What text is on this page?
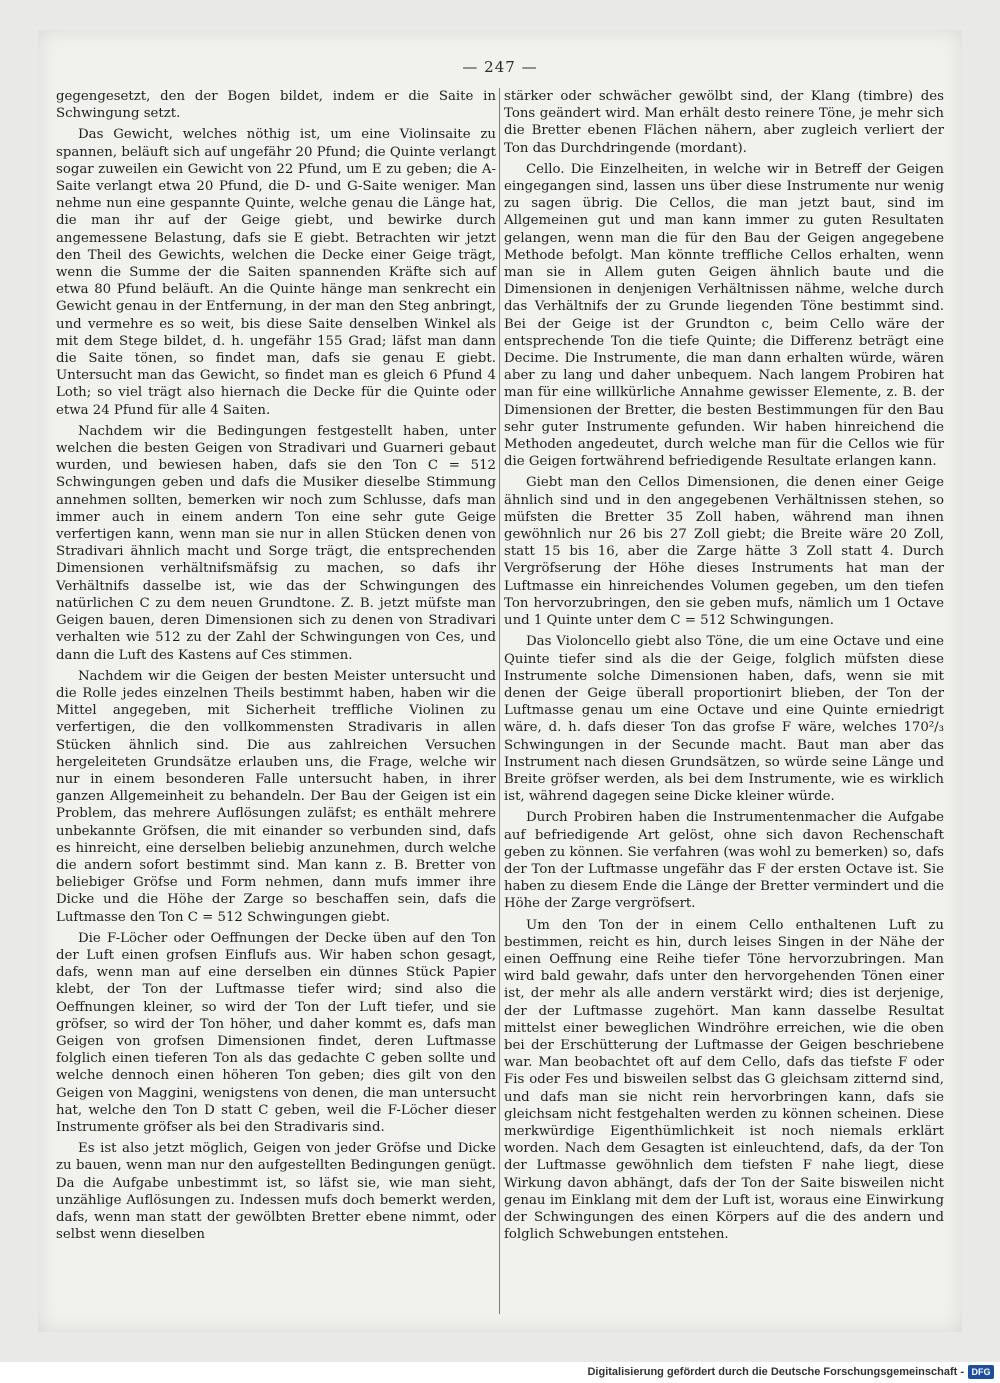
— 247 —

gegengesetzt, den der Bogen bildet, indem er die Saite in Schwingung setzt.

Das Gewicht, welches nöthig ist, um eine Violinsaite zu spannen, beläuft sich auf ungefähr 20 Pfund; die Quinte verlangt sogar zuweilen ein Gewicht von 22 Pfund, um E zu geben; die A-Saite verlangt etwa 20 Pfund, die D- und G-Saite weniger. Man nehme nun eine gespannte Quinte, welche genau die Länge hat, die man ihr auf der Geige giebt, und bewirke durch angemessene Belastung, dafs sie E giebt. Betrachten wir jetzt den Theil des Gewichts, welchen die Decke einer Geige trägt, wenn die Summe der die Saiten spannenden Kräfte sich auf etwa 80 Pfund beläuft. An die Quinte hänge man senkrecht ein Gewicht genau in der Entfernung, in der man den Steg anbringt, und vermehre es so weit, bis diese Saite denselben Winkel als mit dem Stege bildet, d. h. ungefähr 155 Grad; läfst man dann die Saite tönen, so findet man, dafs sie genau E giebt. Untersucht man das Gewicht, so findet man es gleich 6 Pfund 4 Loth; so viel trägt also hiernach die Decke für die Quinte oder etwa 24 Pfund für alle 4 Saiten.

Nachdem wir die Bedingungen festgestellt haben, unter welchen die besten Geigen von Stradivari und Guarneri gebaut wurden, und bewiesen haben, dafs sie den Ton C = 512 Schwingungen geben und dafs die Musiker dieselbe Stimmung annehmen sollten, bemerken wir noch zum Schlusse, dafs man immer auch in einem andern Ton eine sehr gute Geige verfertigen kann, wenn man sie nur in allen Stücken denen von Stradivari ähnlich macht und Sorge trägt, die entsprechenden Dimensionen verhältnifsmäfsig zu machen, so dafs ihr Verhältnifs dasselbe ist, wie das der Schwingungen des natürlichen C zu dem neuen Grundtone. Z. B. jetzt müfste man Geigen bauen, deren Dimensionen sich zu denen von Stradivari verhalten wie 512 zu der Zahl der Schwingungen von Ces, und dann die Luft des Kastens auf Ces stimmen.

Nachdem wir die Geigen der besten Meister untersucht und die Rolle jedes einzelnen Theils bestimmt haben, haben wir die Mittel angegeben, mit Sicherheit treffliche Violinen zu verfertigen, die den vollkommensten Stradivaris in allen Stücken ähnlich sind. Die aus zahlreichen Versuchen hergeleiteten Grundsätze erlauben uns, die Frage, welche wir nur in einem besonderen Falle untersucht haben, in ihrer ganzen Allgemeinheit zu behandeln. Der Bau der Geigen ist ein Problem, das mehrere Auflösungen zuläfst; es enthält mehrere unbekannte Gröfsen, die mit einander so verbunden sind, dafs es hinreicht, eine derselben beliebig anzunehmen, durch welche die andern sofort bestimmt sind. Man kann z. B. Bretter von beliebiger Gröfse und Form nehmen, dann mufs immer ihre Dicke und die Höhe der Zarge so beschaffen sein, dafs die Luftmasse den Ton C = 512 Schwingungen giebt.

Die F-Löcher oder Oeffnungen der Decke üben auf den Ton der Luft einen grofsen Einflufs aus. Wir haben schon gesagt, dafs, wenn man auf eine derselben ein dünnes Stück Papier klebt, der Ton der Luftmasse tiefer wird; sind also die Oeffnungen kleiner, so wird der Ton der Luft tiefer, und sie gröfser, so wird der Ton höher, und daher kommt es, dafs man Geigen von grofsen Dimensionen findet, deren Luftmasse folglich einen tieferen Ton als das gedachte C geben sollte und welche dennoch einen höheren Ton geben; dies gilt von den Geigen von Maggini, wenigstens von denen, die man untersucht hat, welche den Ton D statt C geben, weil die F-Löcher dieser Instrumente gröfser als bei den Stradivaris sind.

Es ist also jetzt möglich, Geigen von jeder Gröfse und Dicke zu bauen, wenn man nur den aufgestellten Bedingungen genügt. Da die Aufgabe unbestimmt ist, so läfst sie, wie man sieht, unzählige Auflösungen zu. Indessen mufs doch bemerkt werden, dafs, wenn man statt der gewölbten Bretter ebene nimmt, oder selbst wenn dieselben

stärker oder schwächer gewölbt sind, der Klang (timbre) des Tons geändert wird. Man erhält desto reinere Töne, je mehr sich die Bretter ebenen Flächen nähern, aber zugleich verliert der Ton das Durchdringende (mordant).

Cello. Die Einzelheiten, in welche wir in Betreff der Geigen eingegangen sind, lassen uns über diese Instrumente nur wenig zu sagen übrig. Die Cellos, die man jetzt baut, sind im Allgemeinen gut und man kann immer zu guten Resultaten gelangen, wenn man die für den Bau der Geigen angegebene Methode befolgt. Man könnte treffliche Cellos erhalten, wenn man sie in Allem guten Geigen ähnlich baute und die Dimensionen in denjenigen Verhältnissen nähme, welche durch das Verhältnifs der zu Grunde liegenden Töne bestimmt sind. Bei der Geige ist der Grundton c, beim Cello wäre der entsprechende Ton die tiefe Quinte; die Differenz beträgt eine Decime. Die Instrumente, die man dann erhalten würde, wären aber zu lang und daher unbequem. Nach langem Probiren hat man für eine willkürliche Annahme gewisser Elemente, z. B. der Dimensionen der Bretter, die besten Bestimmungen für den Bau sehr guter Instrumente gefunden. Wir haben hinreichend die Methoden angedeutet, durch welche man für die Cellos wie für die Geigen fortwährend befriedigende Resultate erlangen kann.

Giebt man den Cellos Dimensionen, die denen einer Geige ähnlich sind und in den angegebenen Verhältnissen stehen, so müfsten die Bretter 35 Zoll haben, während man ihnen gewöhnlich nur 26 bis 27 Zoll giebt; die Breite wäre 20 Zoll, statt 15 bis 16, aber die Zarge hätte 3 Zoll statt 4. Durch Vergröfserung der Höhe dieses Instruments hat man der Luftmasse ein hinreichendes Volumen gegeben, um den tiefen Ton hervorzubringen, den sie geben mufs, nämlich um 1 Octave und 1 Quinte unter dem C = 512 Schwingungen.

Das Violoncello giebt also Töne, die um eine Octave und eine Quinte tiefer sind als die der Geige, folglich müfsten diese Instrumente solche Dimensionen haben, dafs, wenn sie mit denen der Geige überall proportionirt blieben, der Ton der Luftmasse genau um eine Octave und eine Quinte erniedrigt wäre, d. h. dafs dieser Ton das grofse F wäre, welches 170²/₃ Schwingungen in der Secunde macht. Baut man aber das Instrument nach diesen Grundsätzen, so würde seine Länge und Breite gröfser werden, als bei dem Instrumente, wie es wirklich ist, während dagegen seine Dicke kleiner würde.

Durch Probiren haben die Instrumentenmacher die Aufgabe auf befriedigende Art gelöst, ohne sich davon Rechenschaft geben zu können. Sie verfahren (was wohl zu bemerken) so, dafs der Ton der Luftmasse ungefähr das F der ersten Octave ist. Sie haben zu diesem Ende die Länge der Bretter vermindert und die Höhe der Zarge vergröfsert.

Um den Ton der in einem Cello enthaltenen Luft zu bestimmen, reicht es hin, durch leises Singen in der Nähe der einen Oeffnung eine Reihe tiefer Töne hervorzubringen. Man wird bald gewahr, dafs unter den hervorgehenden Tönen einer ist, der mehr als alle andern verstärkt wird; dies ist derjenige, der der Luftmasse zugehört. Man kann dasselbe Resultat mittelst einer beweglichen Windröhre erreichen, wie die oben bei der Erschütterung der Luftmasse der Geigen beschriebene war. Man beobachtet oft auf dem Cello, dafs das tiefste F oder Fis oder Fes und bisweilen selbst das G gleichsam zitternd sind, und dafs man sie nicht rein hervorbringen kann, dafs sie gleichsam nicht festgehalten werden zu können scheinen. Diese merkwürdige Eigenthümlichkeit ist noch niemals erklärt worden. Nach dem Gesagten ist einleuchtend, dafs, da der Ton der Luftmasse gewöhnlich dem tiefsten F nahe liegt, diese Wirkung davon abhängt, dafs der Ton der Saite bisweilen nicht genau im Einklang mit dem der Luft ist, woraus eine Einwirkung der Schwingungen des einen Körpers auf die des andern und folglich Schwebungen entstehen.

Digitalisierung gefördert durch die Deutsche Forschungsgemeinschaft - DFG
